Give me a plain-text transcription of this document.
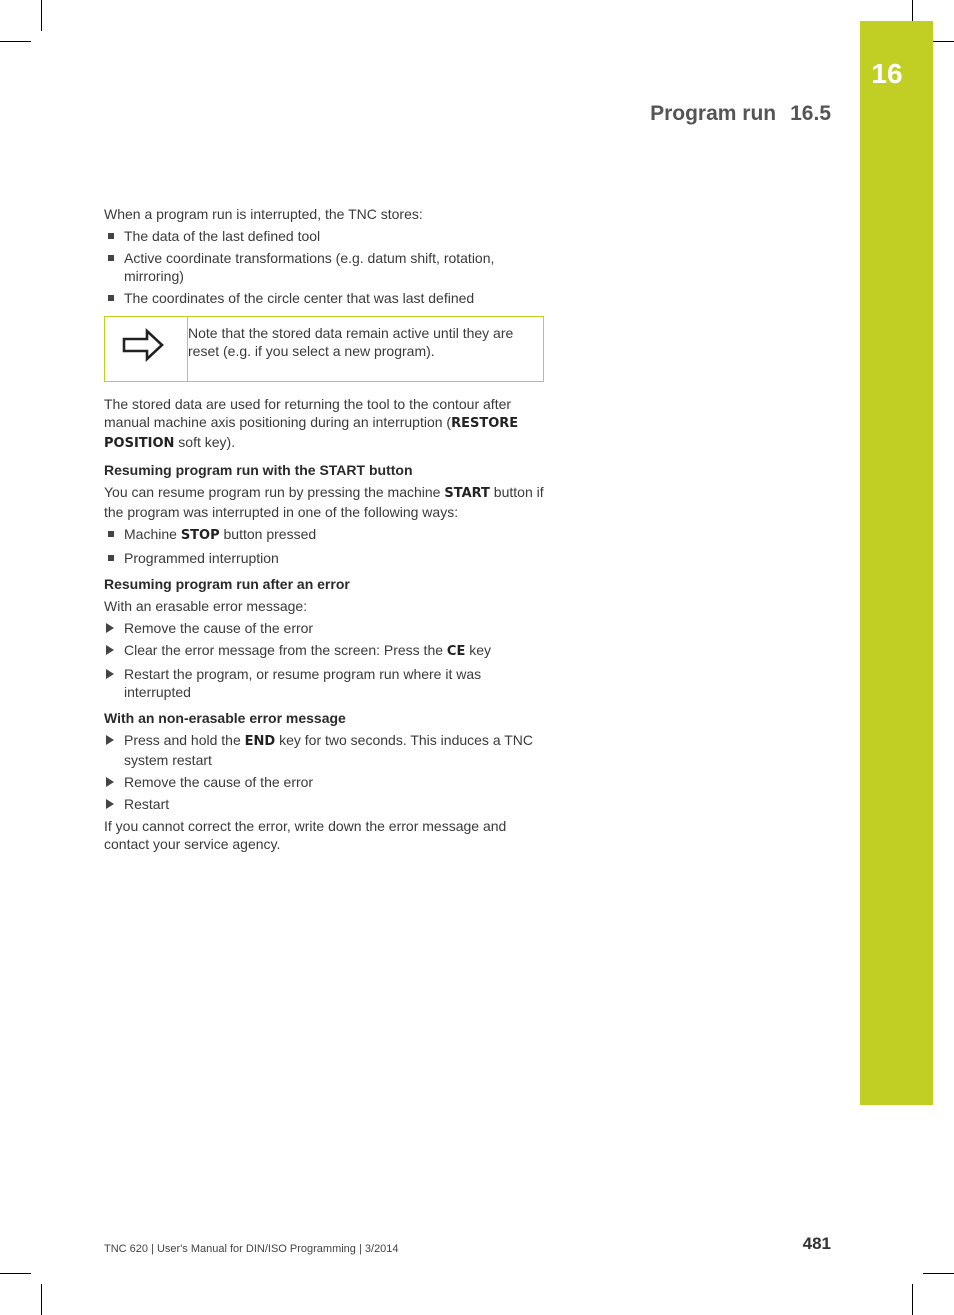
16
Program run 16.5

When a program run is interrupted, the TNC stores:

The data of the last defined tool
Active coordinate transformations (e.g. datum shift, rotation, mirroring)
The coordinates of the circle center that was last defined
Note that the stored data remain active until they are reset (e.g. if you select a new program).

The stored data are used for returning the tool to the contour after manual machine axis positioning during an interruption (RESTORE POSITION soft key).

Resuming program run with the START button

You can resume program run by pressing the machine START button if the program was interrupted in one of the following ways:

Machine STOP button pressed
Programmed interruption
Resuming program run after an error

With an erasable error message:

Remove the cause of the error
Clear the error message from the screen: Press the CE key
Restart the program, or resume program run where it was interrupted
With an non-erasable error message
Press and hold the END key for two seconds. This induces a TNC system restart
Remove the cause of the error
Restart

If you cannot correct the error, write down the error message and contact your service agency.

TNC 620 | User's Manual for DIN/ISO Programming | 3/2014	481
